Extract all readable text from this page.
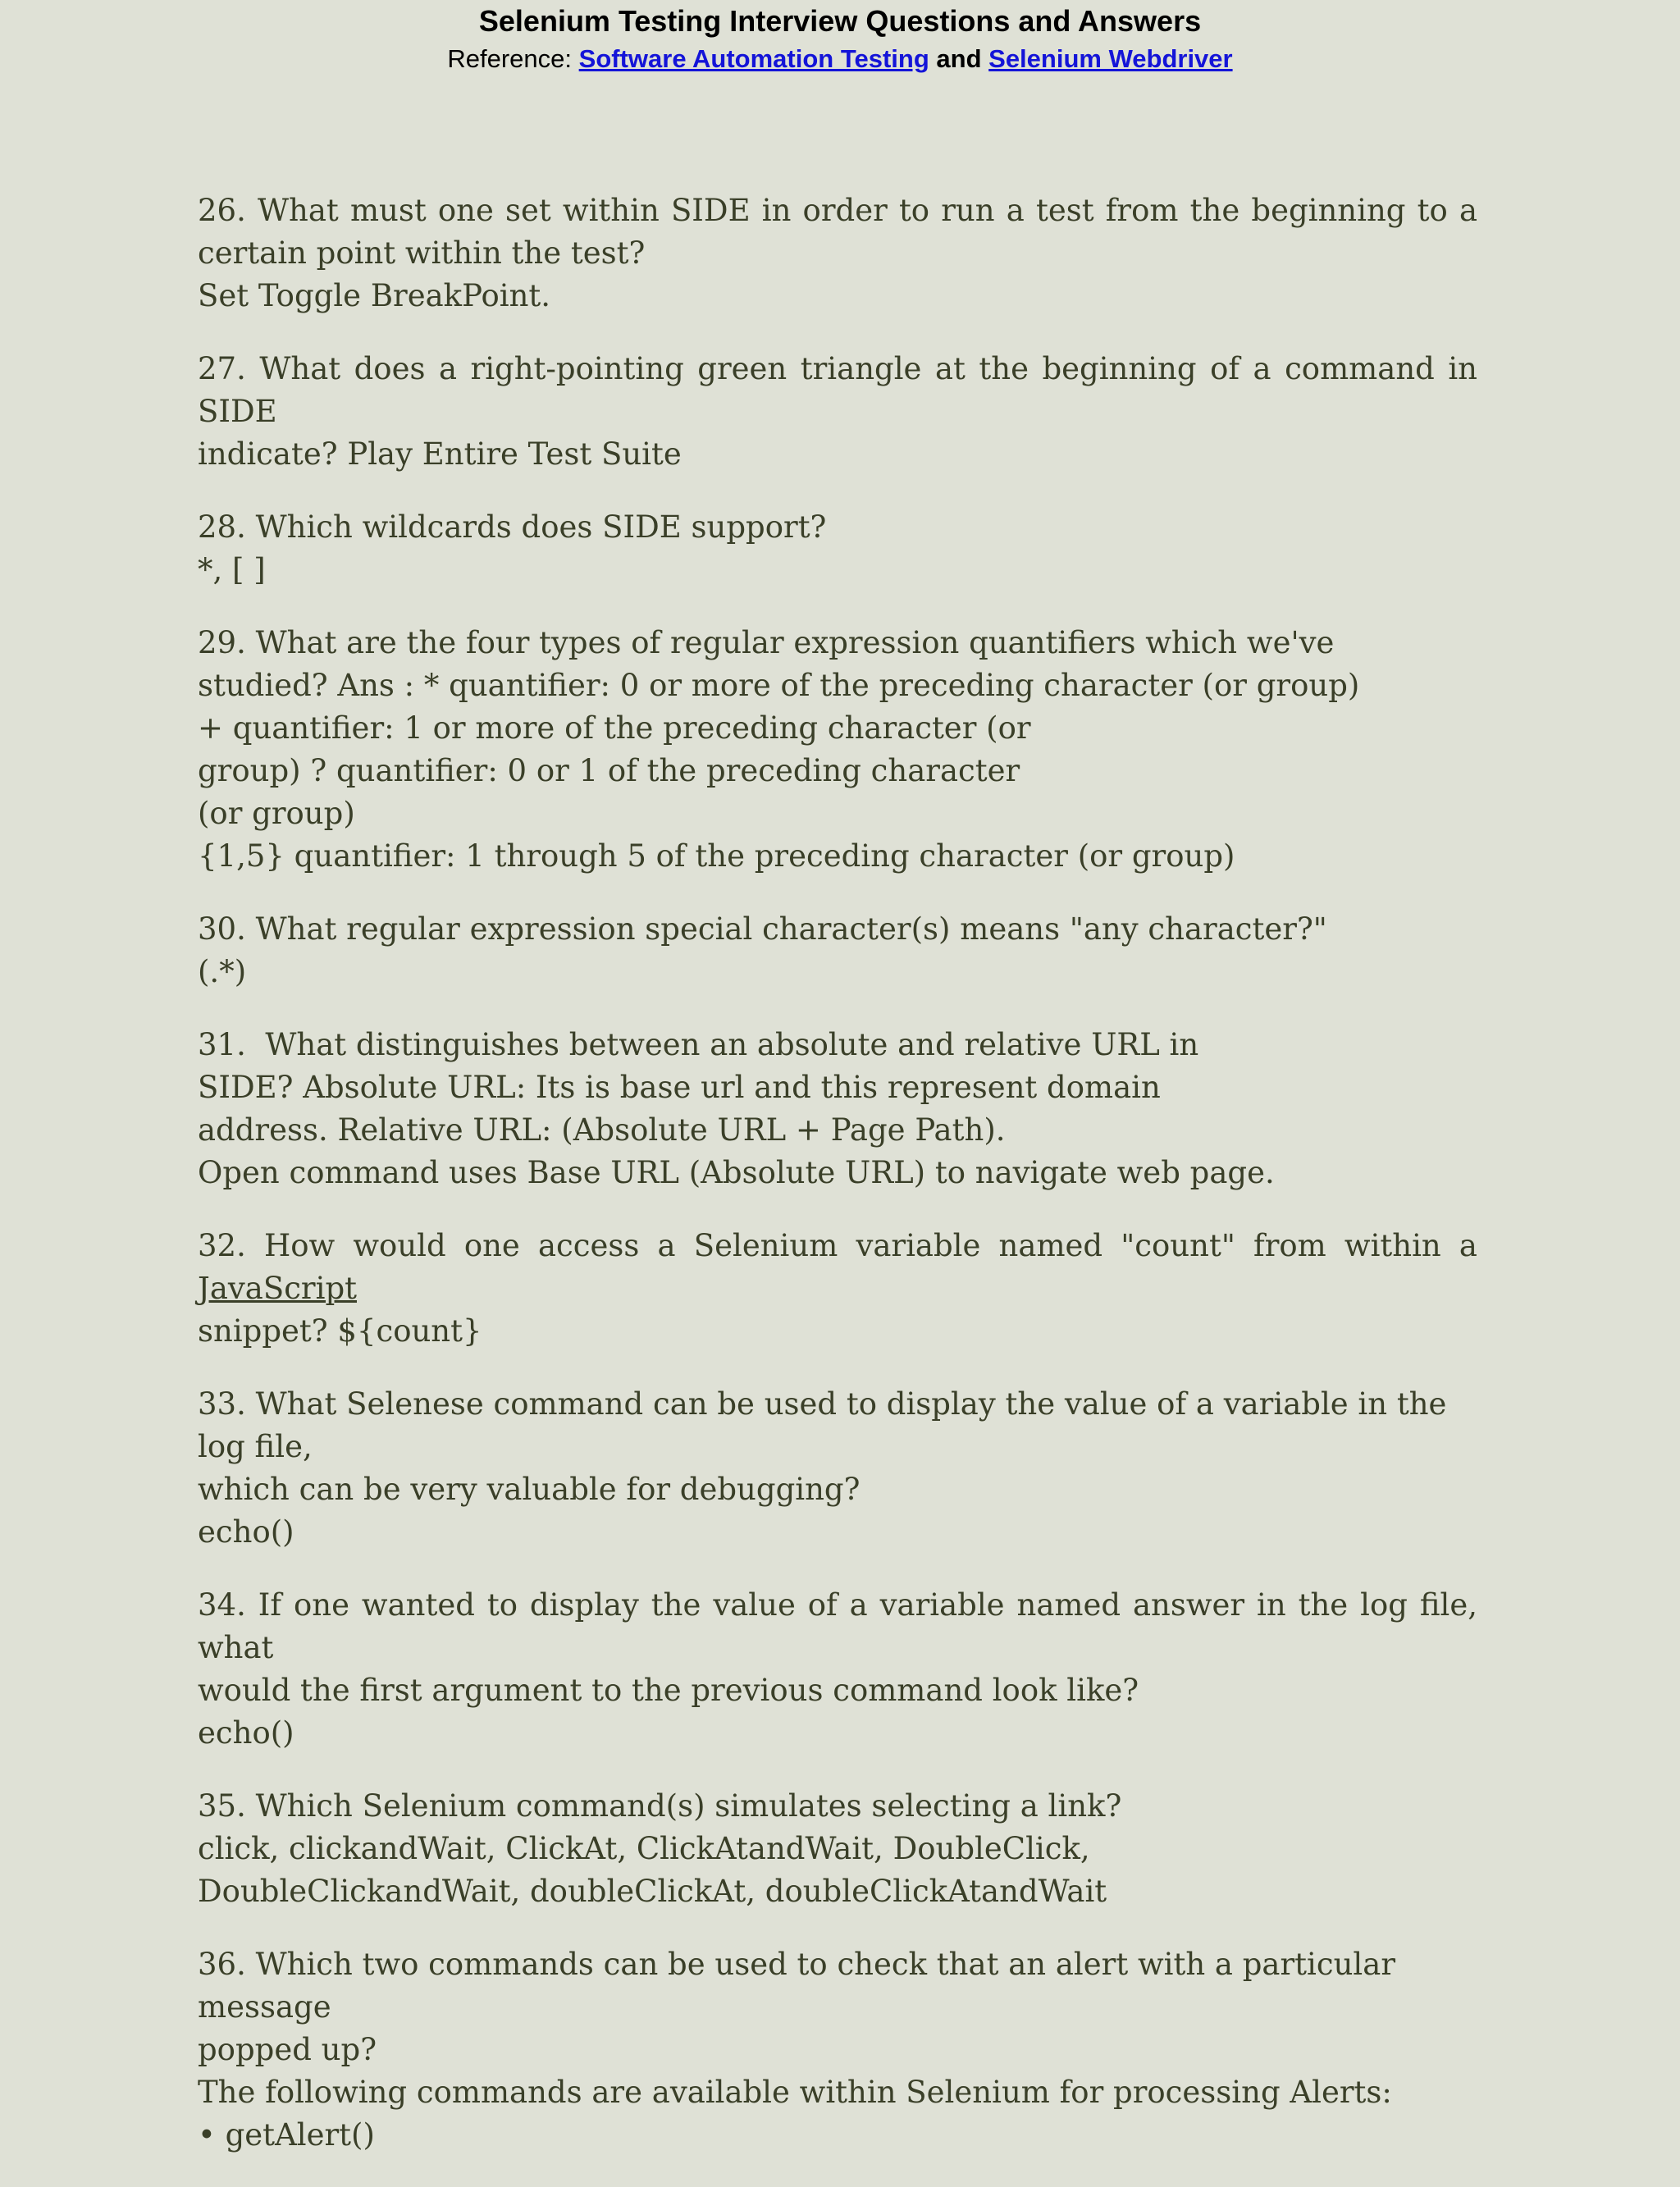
Selenium Testing Interview Questions and Answers
Reference: Software Automation Testing and Selenium Webdriver
26. What must one set within SIDE in order to run a test from the beginning to a
certain point within the test?
Set Toggle BreakPoint.
27. What does a right-pointing green triangle at the beginning of a command in SIDE
indicate? Play Entire Test Suite
28. Which wildcards does SIDE support?
*, [ ]
29. What are the four types of regular expression quantifiers which we've
studied? Ans : * quantifier: 0 or more of the preceding character (or group)
+ quantifier: 1 or more of the preceding character (or
group) ? quantifier: 0 or 1 of the preceding character
(or group)
{1,5} quantifier: 1 through 5 of the preceding character (or group)
30. What regular expression special character(s) means "any character?"
(.*)
31.  What distinguishes between an absolute and relative URL in
SIDE? Absolute URL: Its is base url and this represent domain
address. Relative URL: (Absolute URL + Page Path).
Open command uses Base URL (Absolute URL) to navigate web page.
32. How would one access a Selenium variable named "count" from within a JavaScript
snippet? ${count}
33. What Selenese command can be used to display the value of a variable in the log file,
which can be very valuable for debugging?
echo()
34. If one wanted to display the value of a variable named answer in the log file, what
would the first argument to the previous command look like?
echo()
35. Which Selenium command(s) simulates selecting a link?
click, clickandWait, ClickAt, ClickAtandWait, DoubleClick,
DoubleClickandWait, doubleClickAt, doubleClickAtandWait
36. Which two commands can be used to check that an alert with a particular message
popped up?
The following commands are available within Selenium for processing Alerts:
• getAlert()
